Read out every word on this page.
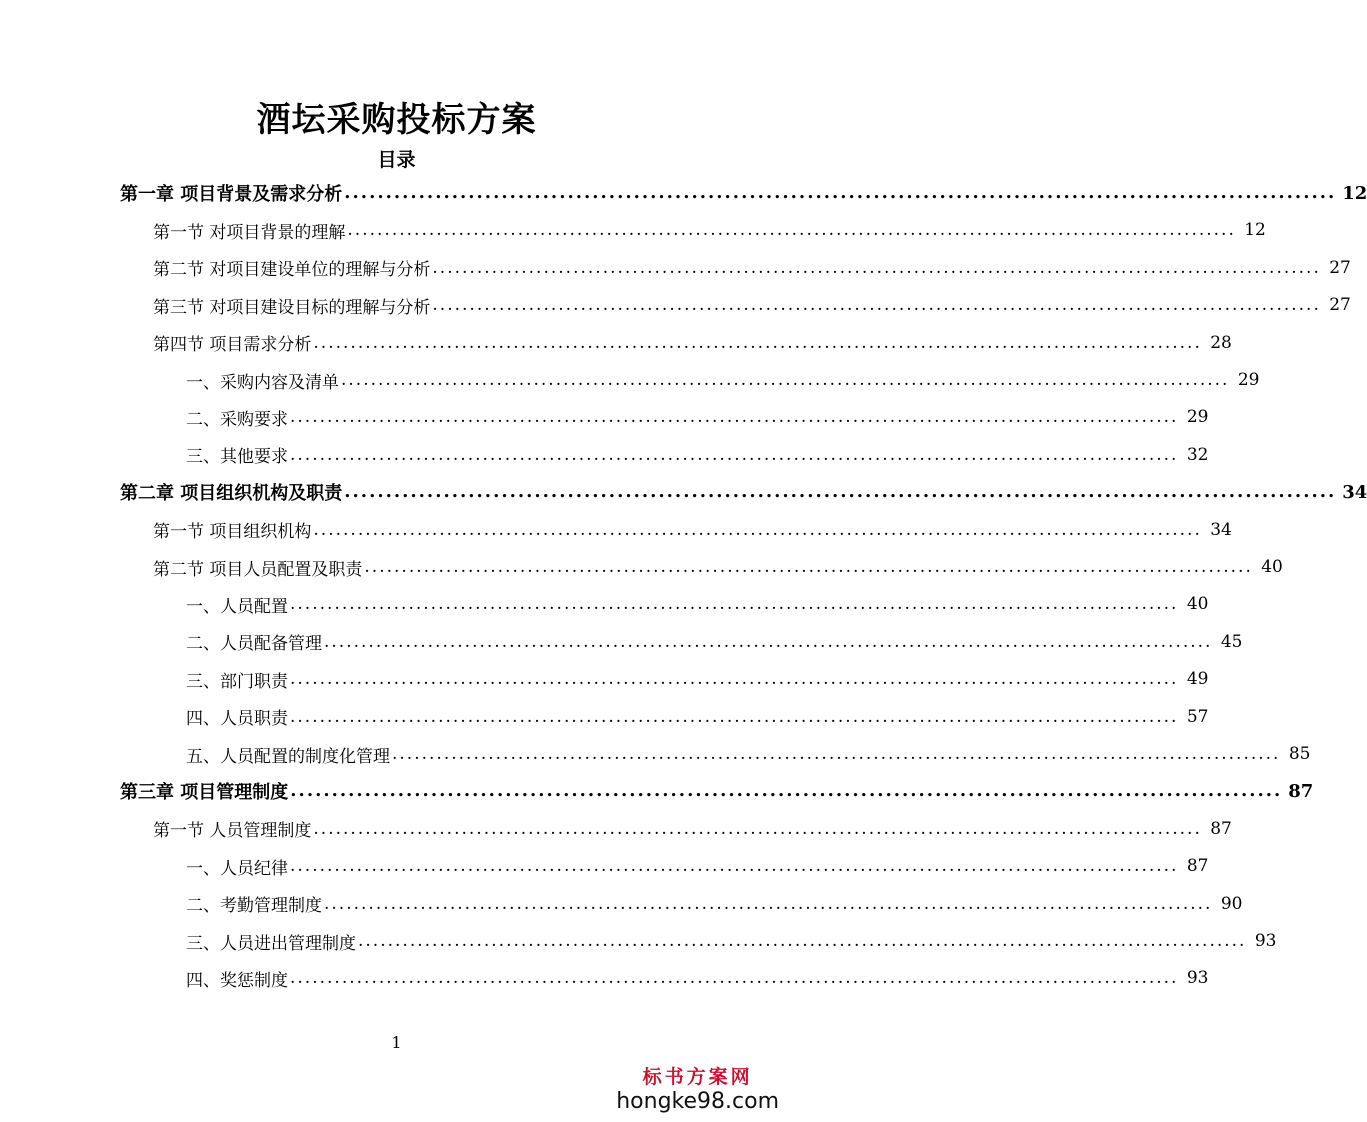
酒坛采购投标方案
目录
第一章 项目背景及需求分析 ........................................................................................................................ 12
第一节 对项目背景的理解 ........................................................................................................................ 12
第二节 对项目建设单位的理解与分析 ........................................................................................................................ 27
第三节 对项目建设目标的理解与分析 ........................................................................................................................ 27
第四节 项目需求分析 ........................................................................................................................ 28
一、采购内容及清单 ........................................................................................................................ 29
二、采购要求 ........................................................................................................................ 29
三、其他要求 ........................................................................................................................ 32
第二章 项目组织机构及职责 ........................................................................................................................ 34
第一节 项目组织机构 ........................................................................................................................ 34
第二节 项目人员配置及职责 ........................................................................................................................ 40
一、人员配置 ........................................................................................................................ 40
二、人员配备管理 ........................................................................................................................ 45
三、部门职责 ........................................................................................................................ 49
四、人员职责 ........................................................................................................................ 57
五、人员配置的制度化管理 ........................................................................................................................ 85
第三章 项目管理制度 ........................................................................................................................ 87
第一节 人员管理制度 ........................................................................................................................ 87
一、人员纪律 ........................................................................................................................ 87
二、考勤管理制度 ........................................................................................................................ 90
三、人员进出管理制度 ........................................................................................................................ 93
四、奖惩制度 ........................................................................................................................ 93
1
标书方案网
hongke98.com
